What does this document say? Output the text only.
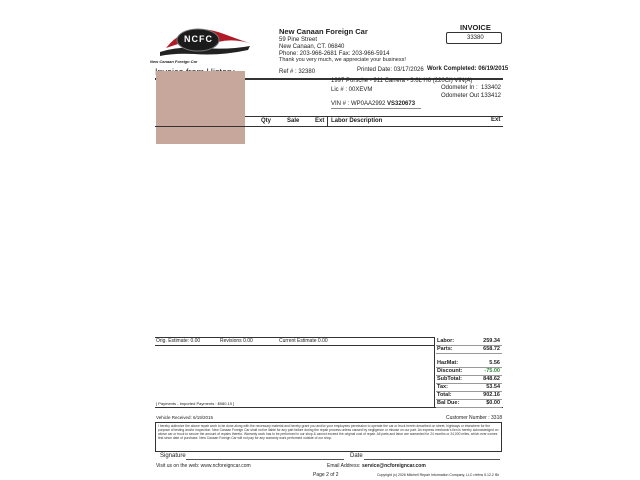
NCFC
New Canaan Foreign Car
New Canaan Foreign Car
59 Pine Street
New Canaan, CT. 06840
Phone: 203-966-2681 Fax: 203-966-5914
Thank you very much, we appreciate your business!
INVOICE
33380
Ref # : 32380	Printed Date: 03/17/2026 Work Completed: 06/19/2015
1997 Porsche - 911 Carrera - 3.6L H6 (220CI) VIN(A)
Lic # : 00XEVM	Odometer In : 133402
Odometer Out :
133412
VIN # : WP0AA2992 VS320673
Qty	Sale	Ext Labor Description	Ext
Orig. Estimate: 0.00	Revisions 0.00	Current Estimate 0.00
[ Payments - Imported Payments : $980.10 ]
Labor:	259.34
Parts:	658.72
HazMat:	5.56
Discount:	-75.00
SubTotal:	848.62
Tax:	53.54
Total:	902.16
Bal Due:	$0.00
Vehicle Received: 6/19/2015	Customer Number : 3318
I hereby authorize the above repair work to be done along with the necessary material and hereby grant you and/or your employees permission to operate the car or truck herein described on street, highways or elsewhere for the purpose of testing and/or inspection. New Canaan Foreign Car shall not be liable for any part failure during the repair process unless caused by negligence or misuse on our part. An express mechanic's lien is hereby acknowledged on above car or truck to secure the amount of repairs thereto. Warranty work has to be performed in our shop & cannot exceed the original cost of repair. All parts and labor are warranted for 24 months or 24,000 miles, which ever comes first since date of purchase. New Canaan Foreign Car will not pay for any warranty work performed outside of our shop.
Signature	Date
Visit us on the web: www.ncforeigncar.com	Email Address: service@ncforeigncar.com
Page 2 of 2	Copyright (c) 2026 Mitchell Repair Information Company, LLC r/efms 5.12.2 f8r
